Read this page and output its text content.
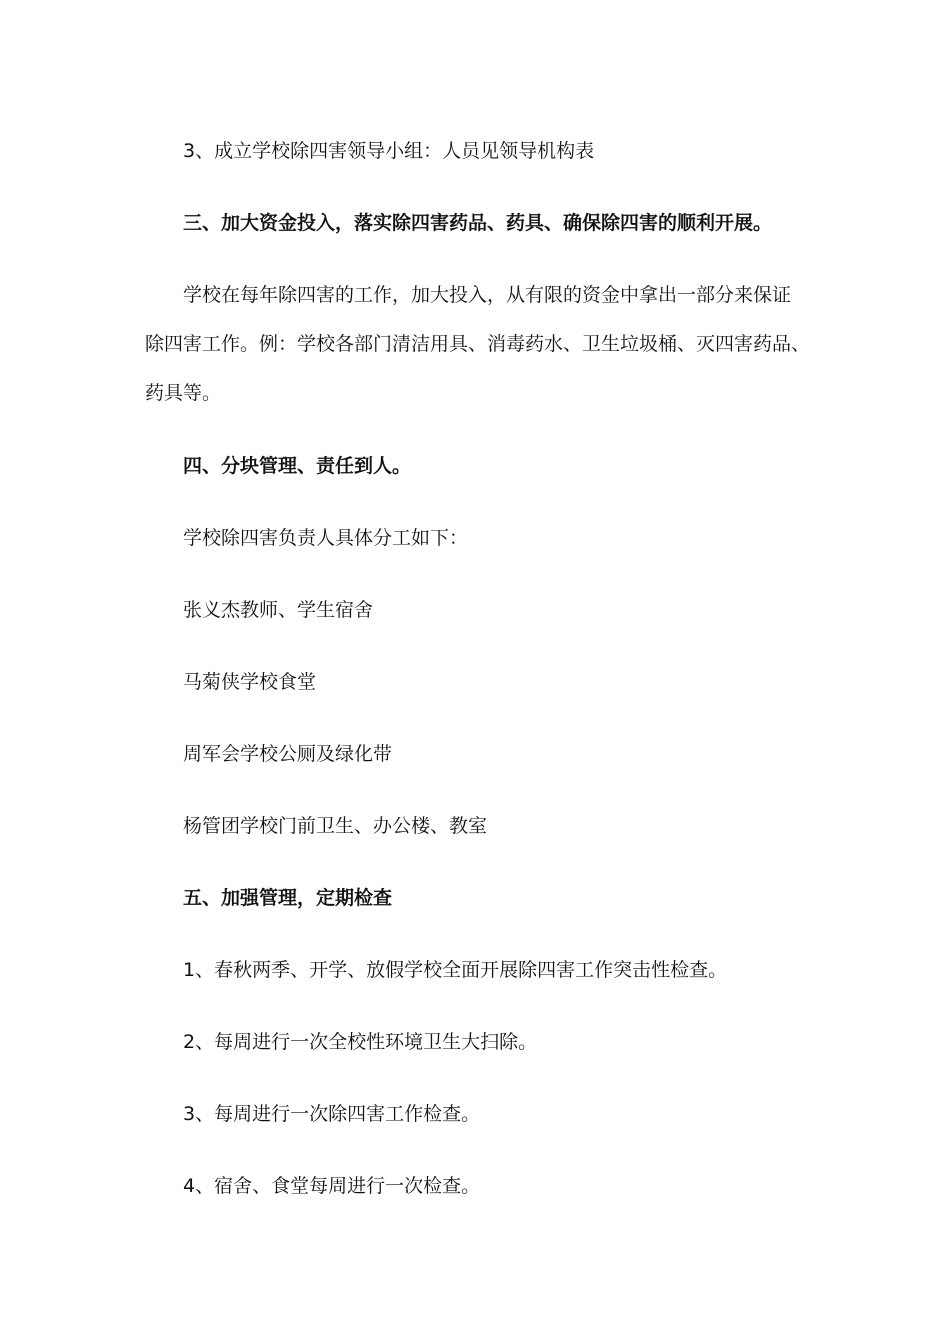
3、成立学校除四害领导小组：人员见领导机构表
三、加大资金投入，落实除四害药品、药具、确保除四害的顺利开展。
学校在每年除四害的工作，加大投入，从有限的资金中拿出一部分来保证
除四害工作。例：学校各部门清洁用具、消毒药水、卫生垃圾桶、灭四害药品、
药具等。
四、分块管理、责任到人。
学校除四害负责人具体分工如下：
张义杰教师、学生宿舍
马菊侠学校食堂
周军会学校公厕及绿化带
杨管团学校门前卫生、办公楼、教室
五、加强管理，定期检查
1、春秋两季、开学、放假学校全面开展除四害工作突击性检查。
2、每周进行一次全校性环境卫生大扫除。
3、每周进行一次除四害工作检查。
4、宿舍、食堂每周进行一次检查。
